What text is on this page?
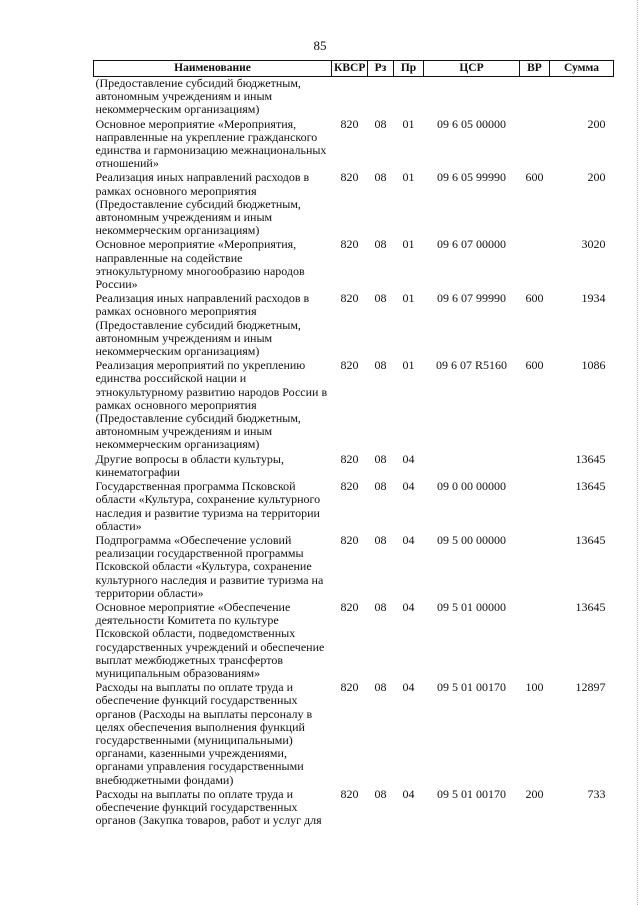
85
Наименование	КВСР	Рз	Пр	ЦСР	ВР	Сумма
(Предоставление субсидий бюджетным, автономным учреждениям и иным некоммерческим организациям)						
Основное мероприятие «Мероприятия, направленные на укрепление гражданского единства и гармонизацию межнациональных отношений»	820	08	01	09 6 05 00000		200
Реализация иных направлений расходов в рамках основного мероприятия (Предоставление субсидий бюджетным, автономным учреждениям и иным некоммерческим организациям)	820	08	01	09 6 05 99990	600	200
Основное мероприятие «Мероприятия, направленные на содействие этнокультурному многообразию народов России»	820	08	01	09 6 07 00000		3020
Реализация иных направлений расходов в рамках основного мероприятия (Предоставление субсидий бюджетным, автономным учреждениям и иным некоммерческим организациям)	820	08	01	09 6 07 99990	600	1934
Реализация мероприятий по укреплению единства российской нации и этнокультурному развитию народов России в рамках основного мероприятия (Предоставление субсидий бюджетным, автономным учреждениям и иным некоммерческим организациям)	820	08	01	09 6 07 R5160	600	1086
Другие вопросы в области культуры, кинематографии	820	08	04			13645
Государственная программа Псковской области «Культура, сохранение культурного наследия и развитие туризма на территории области»	820	08	04	09 0 00 00000		13645
Подпрограмма «Обеспечение условий реализации государственной программы Псковской области «Культура, сохранение культурного наследия и развитие туризма на территории области»	820	08	04	09 5 00 00000		13645
Основное мероприятие «Обеспечение деятельности Комитета по культуре Псковской области, подведомственных государственных учреждений и обеспечение выплат межбюджетных трансфертов муниципальным образованиям»	820	08	04	09 5 01 00000		13645
Расходы на выплаты по оплате труда и обеспечение функций государственных органов (Расходы на выплаты персоналу в целях обеспечения выполнения функций государственными (муниципальными) органами, казенными учреждениями, органами управления государственными внебюджетными фондами)	820	08	04	09 5 01 00170	100	12897
Расходы на выплаты по оплате труда и обеспечение функций государственных органов (Закупка товаров, работ и услуг для	820	08	04	09 5 01 00170	200	733
